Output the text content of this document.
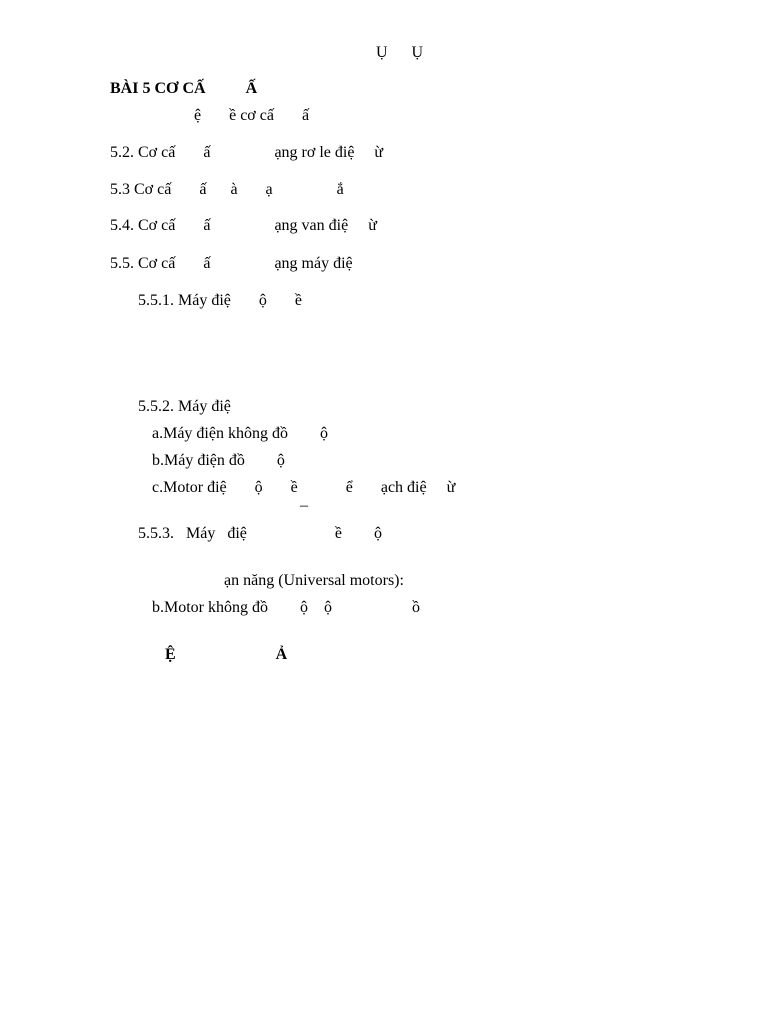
Ụ      Ụ
BÀI 5 CƠ CẤ          Ấ
ệ       ề cơ cấ       ấ
5.2. Cơ cấ       ấ                ạng rơ le điệ     ừ
5.3 Cơ cấ       ấ      à       ạ                ắ
5.4. Cơ cấ       ấ                ạng van điệ     ừ
5.5. Cơ cấ       ấ                ạng máy điệ
5.5.1. Máy điệ       ộ       ề
5.5.2. Máy điệ
a.Máy điện không đồ        ộ
b.Máy điện đồ        ộ
c.Motor điệ       ộ       ề            ể       ạch điệ     ừ
–
5.5.3.   Máy   điệ                      ề        ộ
ạn năng (Universal motors):
b.Motor không đồ        ộ    ộ                    ồ
Ệ                         Ả
